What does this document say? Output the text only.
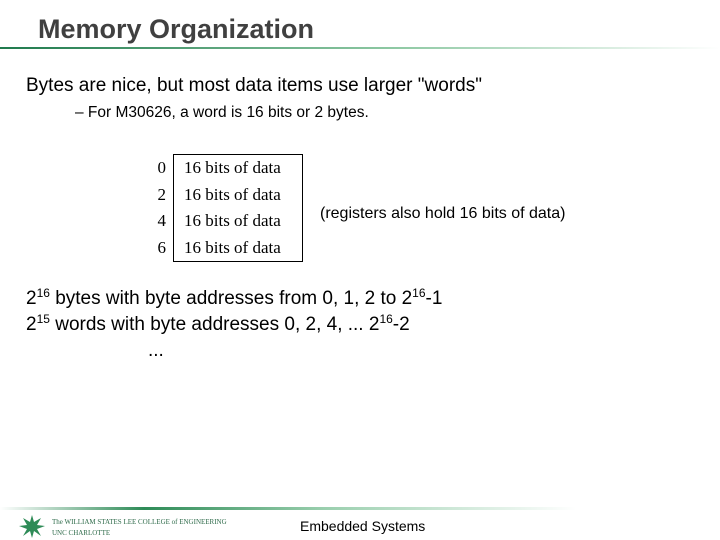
Memory Organization
Bytes are nice, but most data items use larger "words"
– For M30626, a word is 16 bits or 2 bytes.
0
2
4
6
16 bits of data
16 bits of data
16 bits of data
16 bits of data
(registers also hold 16 bits of data)
$2^{16}$ bytes with byte addresses from 0, 1, 2 to $2^{16}-1$
$2^{15}$ words with byte addresses 0, 2, 4, ... $2^{16}-2$
...
The WILLIAM STATES LEE COLLEGE of ENGINEERING
UNC CHARLOTTE	Embedded Systems
